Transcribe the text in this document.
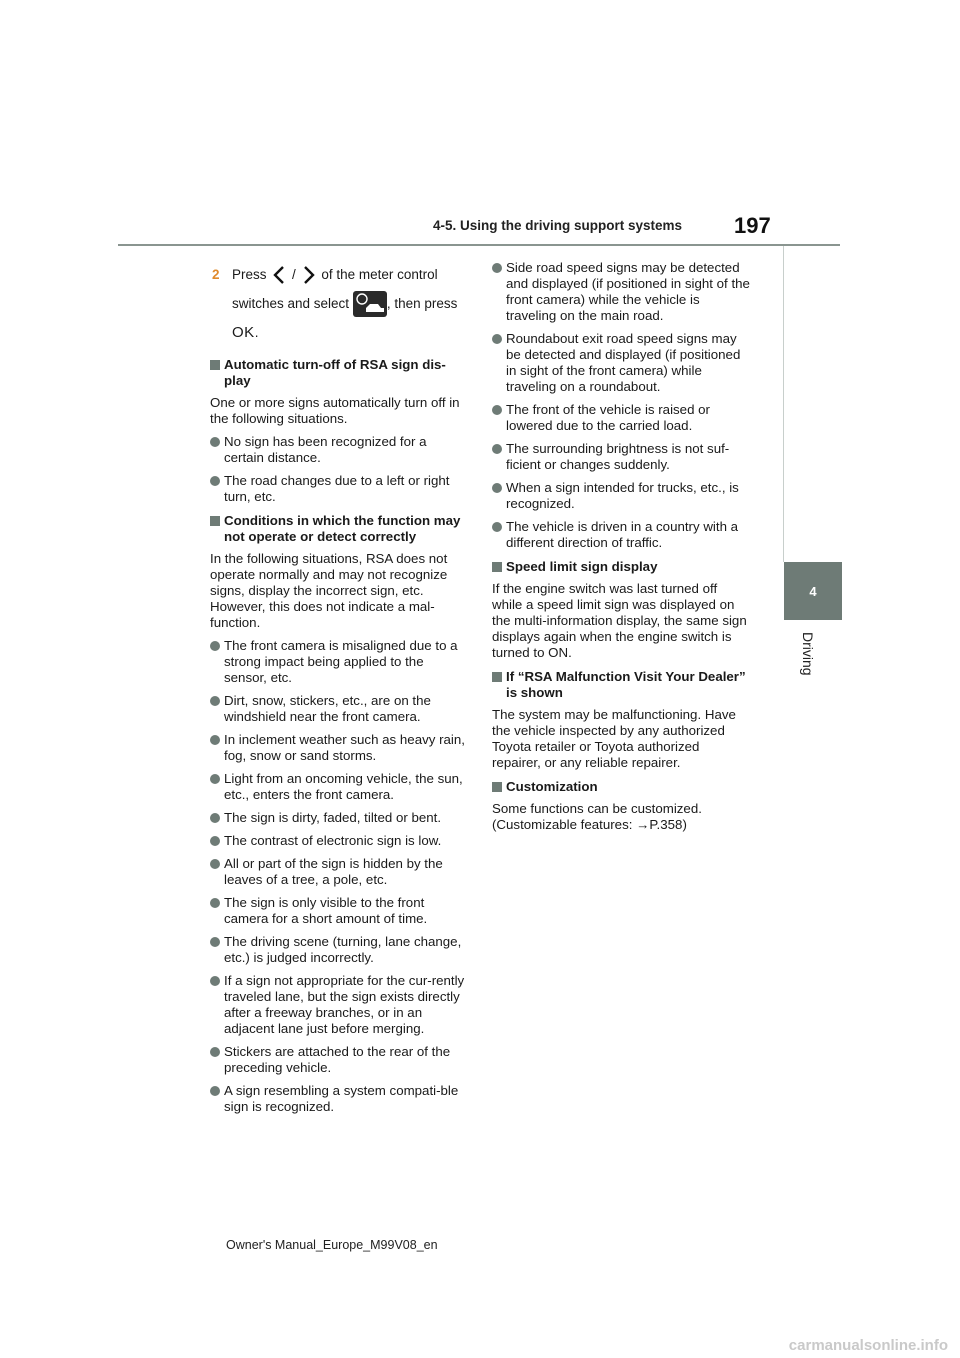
4-5. Using the driving support systems 197
4
Driving
2 Press / of the meter control switches and select	, then press OK.
Automatic turn-off of RSA sign dis-play
One or more signs automatically turn off in the following situations.
No sign has been recognized for a certain distance.
The road changes due to a left or right turn, etc.
Conditions in which the function may not operate or detect correctly
In the following situations, RSA does not operate normally and may not recognize signs, display the incorrect sign, etc. However, this does not indicate a mal-function.
The front camera is misaligned due to a strong impact being applied to the sensor, etc.
Dirt, snow, stickers, etc., are on the windshield near the front camera.
In inclement weather such as heavy rain, fog, snow or sand storms.
Light from an oncoming vehicle, the sun, etc., enters the front camera.
The sign is dirty, faded, tilted or bent.
The contrast of electronic sign is low.
All or part of the sign is hidden by the leaves of a tree, a pole, etc.
The sign is only visible to the front camera for a short amount of time.
The driving scene (turning, lane change, etc.) is judged incorrectly.
If a sign not appropriate for the cur-rently traveled lane, but the sign exists directly after a freeway branches, or in an adjacent lane just before merging.
Stickers are attached to the rear of the preceding vehicle.
A sign resembling a system compati-ble sign is recognized.
Side road speed signs may be detected and displayed (if positioned in sight of the front camera) while the vehicle is traveling on the main road.
Roundabout exit road speed signs may be detected and displayed (if positioned in sight of the front camera) while traveling on a roundabout.
The front of the vehicle is raised or lowered due to the carried load.
The surrounding brightness is not suf-ficient or changes suddenly.
When a sign intended for trucks, etc., is recognized.
The vehicle is driven in a country with a different direction of traffic.
Speed limit sign display
If the engine switch was last turned off while a speed limit sign was displayed on the multi-information display, the same sign displays again when the engine switch is turned to ON.
If “RSA Malfunction Visit Your Dealer” is shown
The system may be malfunctioning. Have the vehicle inspected by any authorized Toyota retailer or Toyota authorized repairer, or any reliable repairer.
Customization
Some functions can be customized. (Customizable features: →P.358)
Owner's Manual_Europe_M99V08_en
carmanualsonline.info
